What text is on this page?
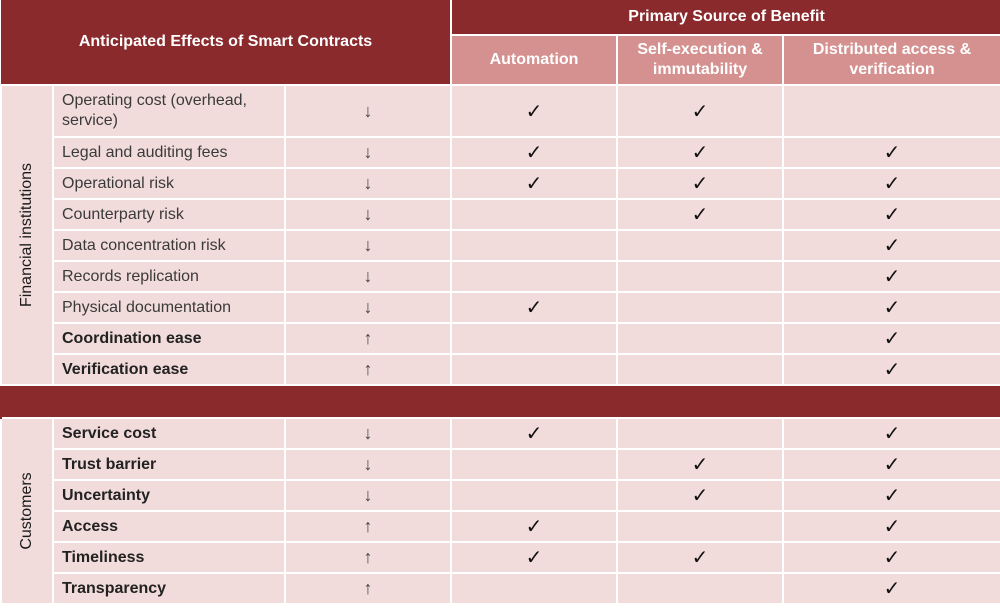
Anticipated Effects of Smart Contracts			Primary Source of Benefit		
			Automation	Self-execution & immutability	Distributed access & verification

Financial institutions	Operating cost (overhead, service)	↓	✓	✓	
	Legal and auditing fees	↓	✓	✓	✓
	Operational risk	↓	✓	✓	✓
	Counterparty risk	↓		✓	✓
	Data concentration risk	↓			✓
	Records replication	↓			✓
	Physical documentation	↓	✓		✓
	Coordination ease	↑			✓
	Verification ease	↑			✓

Customers	Service cost	↓	✓		✓
	Trust barrier	↓		✓	✓
	Uncertainty	↓		✓	✓
	Access	↑	✓		✓
	Timeliness	↑	✓	✓	✓
	Transparency	↑			✓
